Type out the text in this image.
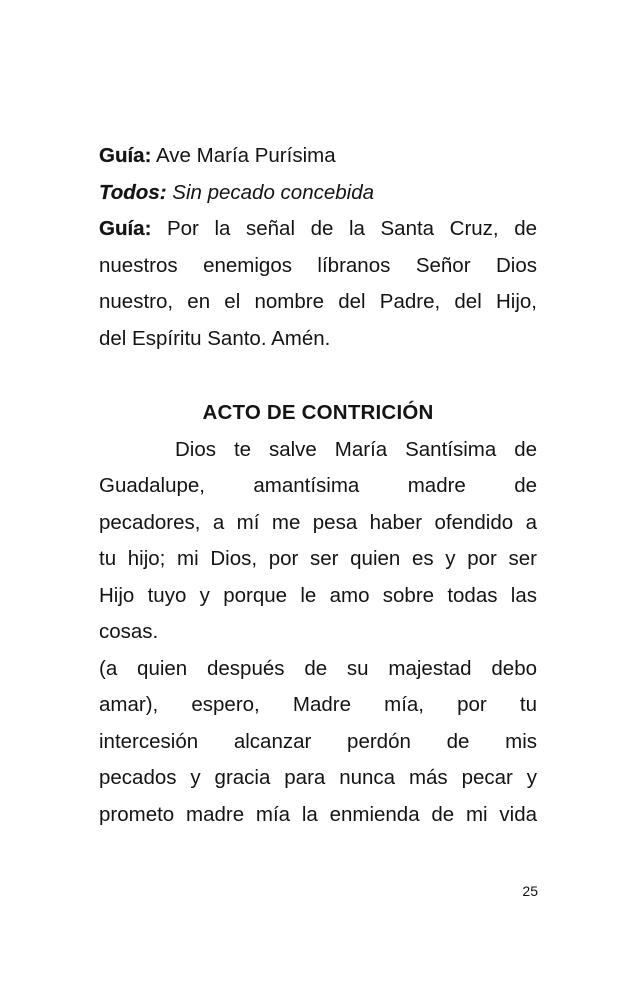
Guía: Ave María Purísima
Todos: Sin pecado concebida
Guía: Por la señal de la Santa Cruz, de
nuestros enemigos líbranos Señor Dios
nuestro, en el nombre del Padre, del Hijo,
del Espíritu Santo. Amén.
ACTO DE CONTRICIÓN
Dios te salve María Santísima de
Guadalupe, amantísima madre de
pecadores, a mí me pesa haber ofendido a
tu hijo; mi Dios, por ser quien es y por ser
Hijo tuyo y porque le amo sobre todas las
cosas.
(a quien después de su majestad debo
amar), espero, Madre mía, por tu
intercesión alcanzar perdón de mis
pecados y gracia para nunca más pecar y
prometo madre mía la enmienda de mi vida
25
